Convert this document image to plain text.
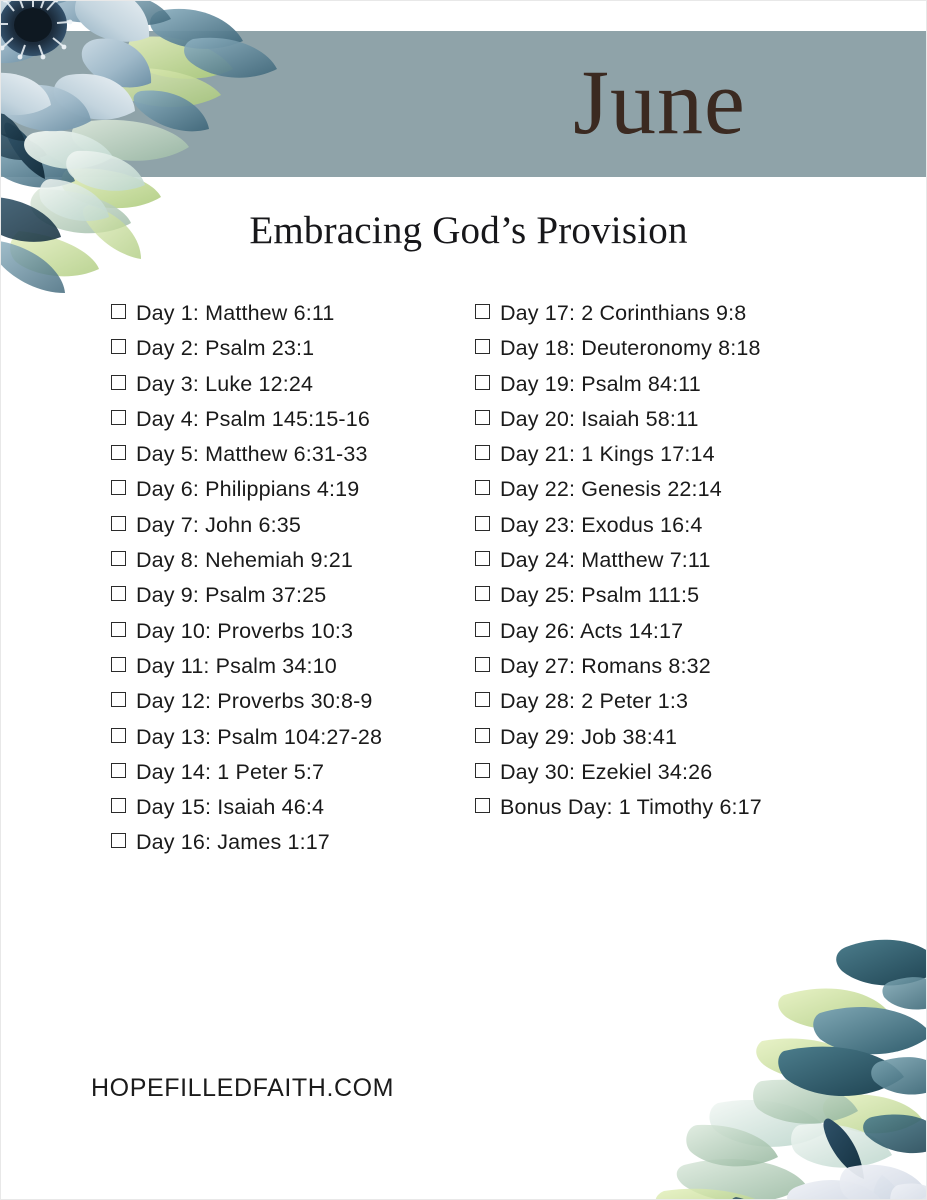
June
Embracing God’s Provision
Day 1: Matthew 6:11
Day 2: Psalm 23:1
Day 3: Luke 12:24
Day 4: Psalm 145:15-16
Day 5: Matthew 6:31-33
Day 6: Philippians 4:19
Day 7: John 6:35
Day 8: Nehemiah 9:21
Day 9: Psalm 37:25
Day 10: Proverbs 10:3
Day 11: Psalm 34:10
Day 12: Proverbs 30:8-9
Day 13: Psalm 104:27-28
Day 14: 1 Peter 5:7
Day 15: Isaiah 46:4
Day 16: James 1:17
Day 17: 2 Corinthians 9:8
Day 18: Deuteronomy 8:18
Day 19: Psalm 84:11
Day 20: Isaiah 58:11
Day 21: 1 Kings 17:14
Day 22: Genesis 22:14
Day 23: Exodus 16:4
Day 24: Matthew 7:11
Day 25: Psalm 111:5
Day 26: Acts 14:17
Day 27: Romans 8:32
Day 28: 2 Peter 1:3
Day 29: Job 38:41
Day 30: Ezekiel 34:26
Bonus Day: 1 Timothy 6:17
HOPEFILLEDFAITH.COM
